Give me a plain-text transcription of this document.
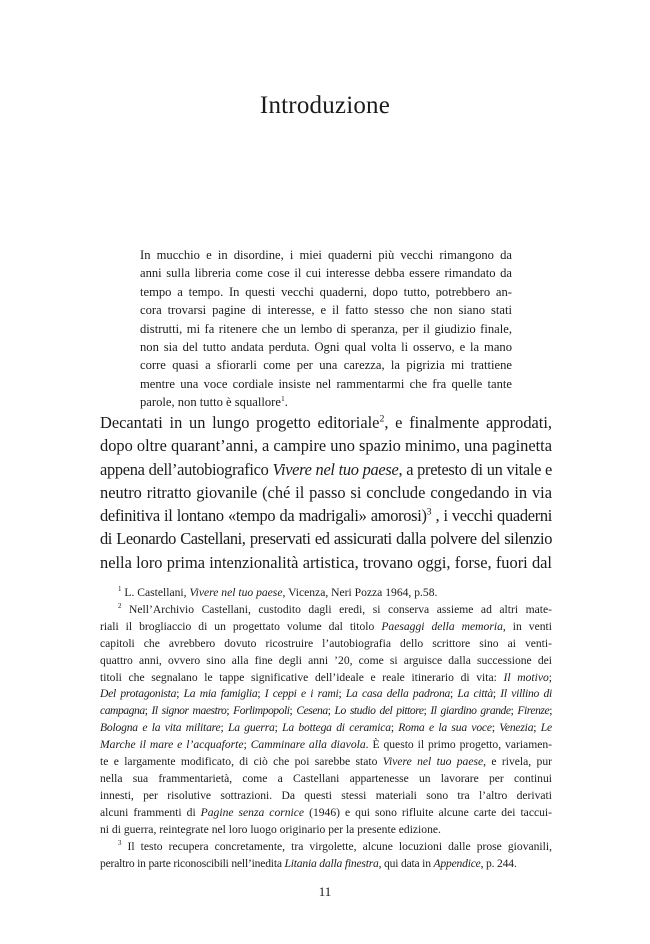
Introduzione
In mucchio e in disordine, i miei quaderni più vecchi rimangono da
anni sulla libreria come cose il cui interesse debba essere rimandato da
tempo a tempo. In questi vecchi quaderni, dopo tutto, potrebbero an-
cora trovarsi pagine di interesse, e il fatto stesso che non siano stati
distrutti, mi fa ritenere che un lembo di speranza, per il giudizio finale,
non sia del tutto andata perduta. Ogni qual volta li osservo, e la mano
corre quasi a sfiorarli come per una carezza, la pigrizia mi trattiene
mentre una voce cordiale insiste nel rammentarmi che fra quelle tante
parole, non tutto è squallore$^1$.
Decantati in un lungo progetto editoriale$^2$, e finalmente approdati,
dopo oltre quarant’anni, a campire uno spazio minimo, una paginetta
appena dell’autobiografico Vivere nel tuo paese, a pretesto di un vitale e
neutro ritratto giovanile (ché il passo si conclude congedando in via
definitiva il lontano «tempo da madrigali» amorosi)$^3$ , i vecchi quaderni
di Leonardo Castellani, preservati ed assicurati dalla polvere del silenzio
nella loro prima intenzionalità artistica, trovano oggi, forse, fuori dal
$^1$ L. Castellani, Vivere nel tuo paese, Vicenza, Neri Pozza 1964, p.58.
$^2$ Nell’Archivio Castellani, custodito dagli eredi, si conserva assieme ad altri mate-
riali il brogliaccio di un progettato volume dal titolo Paesaggi della memoria, in venti
capitoli che avrebbero dovuto ricostruire l’autobiografia dello scrittore sino ai venti-
quattro anni, ovvero sino alla fine degli anni ’20, come si arguisce dalla successione dei
titoli che segnalano le tappe significative dell’ideale e reale itinerario di vita: Il motivo;
Del protagonista; La mia famiglia; I ceppi e i rami; La casa della padrona; La città; Il villino di
campagna; Il signor maestro; Forlimpopoli; Cesena; Lo studio del pittore; Il giardino grande; Firenze;
Bologna e la vita militare; La guerra; La bottega di ceramica; Roma e la sua voce; Venezia; Le
Marche il mare e l’acquaforte; Camminare alla diavola. È questo il primo progetto, variamen-
te e largamente modificato, di ciò che poi sarebbe stato Vivere nel tuo paese, e rivela, pur
nella sua frammentarietà, come a Castellani appartenesse un lavorare per continui
innesti, per risolutive sottrazioni. Da questi stessi materiali sono tra l’altro derivati
alcuni frammenti di Pagine senza cornice (1946) e qui sono rifluite alcune carte dei taccui-
ni di guerra, reintegrate nel loro luogo originario per la presente edizione.
$^3$ Il testo recupera concretamente, tra virgolette, alcune locuzioni dalle prose giovanili,
peraltro in parte riconoscibili nell’inedita Litania dalla finestra, qui data in Appendice, p. 244.
11
